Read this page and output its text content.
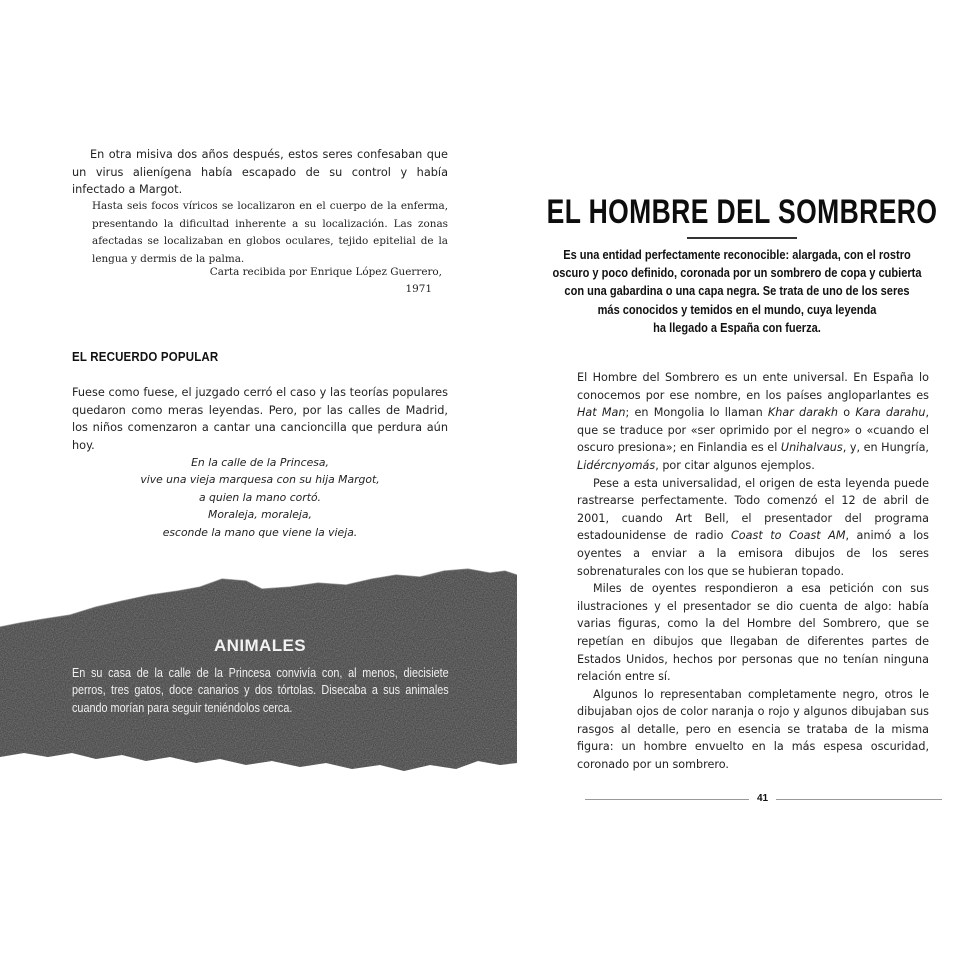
En otra misiva dos años después, estos seres confesaban que un virus alienígena había escapado de su control y había infectado a Margot.
Hasta seis focos víricos se localizaron en el cuerpo de la enferma, presentando la dificultad inherente a su localización. Las zonas afectadas se localizaban en globos oculares, tejido epitelial de la lengua y dermis de la palma.
Carta recibida por Enrique López Guerrero,
1971
EL RECUERDO POPULAR
Fuese como fuese, el juzgado cerró el caso y las teorías populares quedaron como meras leyendas. Pero, por las calles de Madrid, los niños comenzaron a cantar una cancioncilla que perdura aún hoy.
En la calle de la Princesa,
vive una vieja marquesa con su hija Margot,
a quien la mano cortó.
Moraleja, moraleja,
esconde la mano que viene la vieja.
ANIMALES
En su casa de la calle de la Princesa convivía con, al menos, diecisiete perros, tres gatos, doce canarios y dos tórtolas. Disecaba a sus animales cuando morían para seguir teniéndolos cerca.
EL HOMBRE DEL SOMBRERO
Es una entidad perfectamente reconocible: alargada, con el rostro
oscuro y poco definido, coronada por un sombrero de copa y cubierta
con una gabardina o una capa negra. Se trata de uno de los seres
más conocidos y temidos en el mundo, cuya leyenda
ha llegado a España con fuerza.

El Hombre del Sombrero es un ente universal. En España lo conocemos por ese nombre, en los países angloparlantes es Hat Man; en Mongolia lo llaman Khar darakh o Kara darahu, que se traduce por «ser oprimido por el negro» o «cuando el oscuro presiona»; en Finlandia es el Unihalvaus, y, en Hungría, Lidércnyomás, por citar algunos ejemplos.

Pese a esta universalidad, el origen de esta leyenda puede rastrearse perfectamente. Todo comenzó el 12 de abril de 2001, cuando Art Bell, el presentador del programa estadounidense de radio Coast to Coast AM, animó a los oyentes a enviar a la emisora dibujos de los seres sobrenaturales con los que se hubieran topado.

Miles de oyentes respondieron a esa petición con sus ilustraciones y el presentador se dio cuenta de algo: había varias figuras, como la del Hombre del Sombrero, que se repetían en dibujos que llegaban de diferentes partes de Estados Unidos, hechos por personas que no tenían ninguna relación entre sí.

Algunos lo representaban completamente negro, otros le dibujaban ojos de color naranja o rojo y algunos dibujaban sus rasgos al detalle, pero en esencia se trataba de la misma figura: un hombre envuelto en la más espesa oscuridad, coronado por un sombrero.

41
